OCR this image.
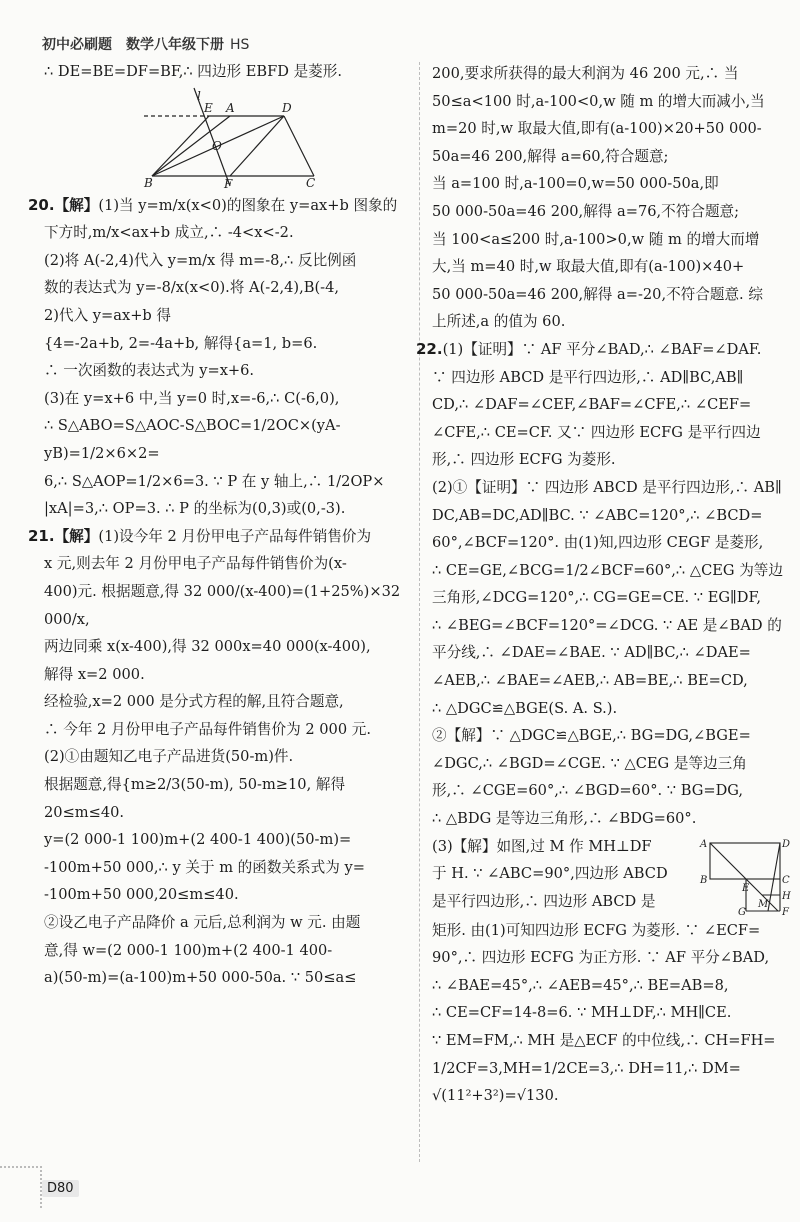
初中必刷题　数学八年级下册 HS

∴ DE=BE=DF=BF,∴ 四边形 EBFD 是菱形.

l
E A	D
O
B	F	C

20.【解】(1)当 y=m/x(x<0)的图象在 y=ax+b 图象的

下方时,m/x<ax+b 成立,∴ -4<x<-2.

(2)将 A(-2,4)代入 y=m/x 得 m=-8,∴ 反比例函

数的表达式为 y=-8/x(x<0).将 A(-2,4),B(-4,

2)代入 y=ax+b 得

{4=-2a+b, 2=-4a+b, 解得{a=1, b=6.

∴ 一次函数的表达式为 y=x+6.

(3)在 y=x+6 中,当 y=0 时,x=-6,∴ C(-6,0),

∴ S△ABO=S△AOC-S△BOC=1/2OC×(yA-yB)=1/2×6×2=

6,∴ S△AOP=1/2×6=3. ∵ P 在 y 轴上,∴ 1/2OP×

|xA|=3,∴ OP=3. ∴ P 的坐标为(0,3)或(0,-3).

21.【解】(1)设今年 2 月份甲电子产品每件销售价为

x 元,则去年 2 月份甲电子产品每件销售价为(x-

400)元. 根据题意,得 32 000/(x-400)=(1+25%)×32 000/x,

两边同乘 x(x-400),得 32 000x=40 000(x-400),

解得 x=2 000.

经检验,x=2 000 是分式方程的解,且符合题意,

∴ 今年 2 月份甲电子产品每件销售价为 2 000 元.

(2)①由题知乙电子产品进货(50-m)件.

根据题意,得{m≥2/3(50-m), 50-m≥10, 解得 20≤m≤40.

y=(2 000-1 100)m+(2 400-1 400)(50-m)=

-100m+50 000,∴ y 关于 m 的函数关系式为 y=

-100m+50 000,20≤m≤40.

②设乙电子产品降价 a 元后,总利润为 w 元. 由题

意,得 w=(2 000-1 100)m+(2 400-1 400-

a)(50-m)=(a-100)m+50 000-50a. ∵ 50≤a≤

200,要求所获得的最大利润为 46 200 元,∴ 当

50≤a<100 时,a-100<0,w 随 m 的增大而减小,当

m=20 时,w 取最大值,即有(a-100)×20+50 000-

50a=46 200,解得 a=60,符合题意;

当 a=100 时,a-100=0,w=50 000-50a,即

50 000-50a=46 200,解得 a=76,不符合题意;

当 100<a≤200 时,a-100>0,w 随 m 的增大而增

大,当 m=40 时,w 取最大值,即有(a-100)×40+

50 000-50a=46 200,解得 a=-20,不符合题意. 综

上所述,a 的值为 60.

22.(1)【证明】∵ AF 平分∠BAD,∴ ∠BAF=∠DAF.

∵ 四边形 ABCD 是平行四边形,∴ AD∥BC,AB∥

CD,∴ ∠DAF=∠CEF,∠BAF=∠CFE,∴ ∠CEF=

∠CFE,∴ CE=CF. 又∵ 四边形 ECFG 是平行四边

形,∴ 四边形 ECFG 为菱形.

(2)①【证明】∵ 四边形 ABCD 是平行四边形,∴ AB∥

DC,AB=DC,AD∥BC. ∵ ∠ABC=120°,∴ ∠BCD=

60°,∠BCF=120°. 由(1)知,四边形 CEGF 是菱形,

∴ CE=GE,∠BCG=1/2∠BCF=60°,∴ △CEG 为等边

三角形,∠DCG=120°,∴ CG=GE=CE. ∵ EG∥DF,

∴ ∠BEG=∠BCF=120°=∠DCG. ∵ AE 是∠BAD 的

平分线,∴ ∠DAE=∠BAE. ∵ AD∥BC,∴ ∠DAE=

∠AEB,∴ ∠BAE=∠AEB,∴ AB=BE,∴ BE=CD,

∴ △DGC≌△BGE(S. A. S.).

②【解】∵ △DGC≌△BGE,∴ BG=DG,∠BGE=

∠DGC,∴ ∠BGD=∠CGE. ∵ △CEG 是等边三角

形,∴ ∠CGE=60°,∴ ∠BGD=60°. ∵ BG=DG,

∴ △BDG 是等边三角形,∴ ∠BDG=60°.

A	D
B
E
C
H
G
M
F

(3)【解】如图,过 M 作 MH⊥DF

于 H. ∵ ∠ABC=90°,四边形 ABCD

是平行四边形,∴ 四边形 ABCD 是

矩形. 由(1)可知四边形 ECFG 为菱形. ∵ ∠ECF=

90°,∴ 四边形 ECFG 为正方形. ∵ AF 平分∠BAD,

∴ ∠BAE=45°,∴ ∠AEB=45°,∴ BE=AB=8,

∴ CE=CF=14-8=6. ∵ MH⊥DF,∴ MH∥CE.

∵ EM=FM,∴ MH 是△ECF 的中位线,∴ CH=FH=

1/2CF=3,MH=1/2CE=3,∴ DH=11,∴ DM=

√(11²+3²)=√130.

D80
